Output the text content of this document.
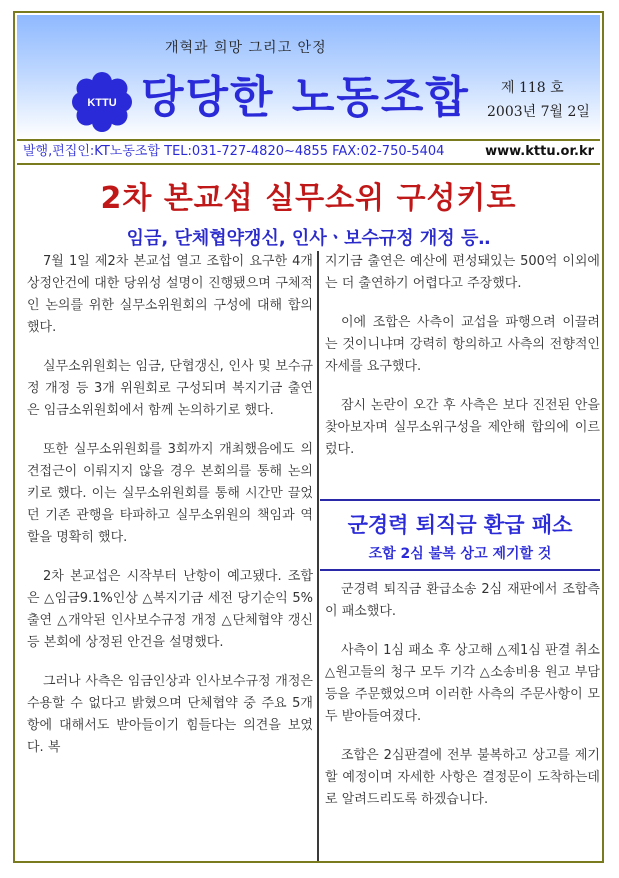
개혁과 희망 그리고 안정
KTTU 당당한 노동조합 제 118 호
2003년 7월 2일
발행,편집인:KT노동조합 TEL:031-727-4820~4855 FAX:02-750-5404	www.kttu.or.kr
2차 본교섭 실무소위 구성키로
임금, 단체협약갱신, 인사ㆍ보수규정 개정 등‥

7월 1일 제2차 본교섭 열고 조합이 요구한 4개 상정안건에 대한 당위성 설명이 진행됐으며 구체적인 논의를 위한 실무소위원회의 구성에 대해 합의했다.

실무소위원회는 임금, 단협갱신, 인사 및 보수규정 개정 등 3개 위원회로 구성되며 복지기금 출연은 임금소위원회에서 함께 논의하기로 했다.

또한 실무소위원회를 3회까지 개최했음에도 의견접근이 이뤄지지 않을 경우 본회의를 통해 논의키로 했다. 이는 실무소위원회를 통해 시간만 끌었던 기존 관행을 타파하고 실무소위원의 책임과 역할을 명확히 했다.

2차 본교섭은 시작부터 난항이 예고됐다. 조합은 △임금9.1%인상 △복지기금 세전 당기순익 5% 출연 △개악된 인사보수규정 개정 △단체협약 갱신 등 본회에 상정된 안건을 설명했다.

그러나 사측은 임금인상과 인사보수규정 개정은 수용할 수 없다고 밝혔으며 단체협약 중 주요 5개항에 대해서도 받아들이기 힘들다는 의견을 보였다. 복

지기금 출연은 예산에 편성돼있는 500억 이외에는 더 출연하기 어렵다고 주장했다.

이에 조합은 사측이 교섭을 파행으려 이끌려는 것이니냐며 강력히 항의하고 사측의 전향적인 자세를 요구했다.

잠시 논란이 오간 후 사측은 보다 진전된 안을 찾아보자며 실무소위구성을 제안해 합의에 이르렀다.

군경력 퇴직금 환급 패소
조합 2심 불복 상고 제기할 것

군경력 퇴직금 환급소송 2심 재판에서 조합측이 패소했다.

사측이 1심 패소 후 상고해 △제1심 판결 취소 △원고들의 청구 모두 기각 △소송비용 원고 부담 등을 주문했었으며 이러한 사측의 주문사항이 모두 받아들여졌다.

조합은 2심판결에 전부 불복하고 상고를 제기할 예정이며 자세한 사항은 결정문이 도착하는데로 알려드리도록 하겠습니다.
